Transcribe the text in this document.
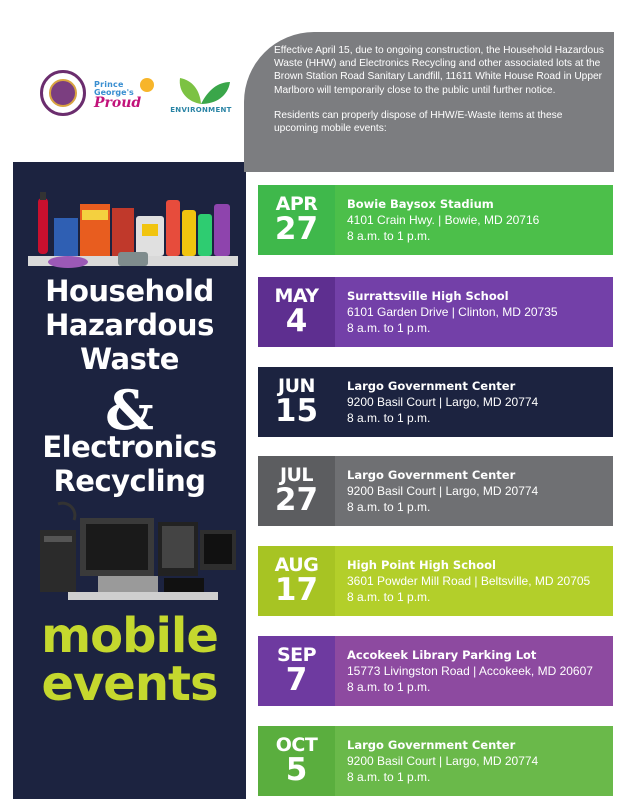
Prince
George's
Proud	ENVIRONMENT

Effective April 15, due to ongoing construction, the Household Hazardous Waste (HHW) and Electronics Recycling and other associated lots at the Brown Station Road Sanitary Landfill, 11611 White House Road in Upper Marlboro will temporarily close to the public until further notice.

Residents can properly dispose of HHW/E-Waste items at these upcoming mobile events:

Household
Hazardous
Waste
&
Electronics
Recycling
mobile
events
APR
27
Bowie Baysox Stadium
4101 Crain Hwy. | Bowie, MD 20716
8 a.m. to 1 p.m.
MAY
4
Surrattsville High School
6101 Garden Drive | Clinton, MD 20735
8 a.m. to 1 p.m.
JUN
15
Largo Government Center
9200 Basil Court | Largo, MD 20774
8 a.m. to 1 p.m.
JUL
27
Largo Government Center
9200 Basil Court | Largo, MD 20774
8 a.m. to 1 p.m.
AUG
17
High Point High School
3601 Powder Mill Road | Beltsville, MD 20705
8 a.m. to 1 p.m.
SEP
7
Accokeek Library Parking Lot
15773 Livingston Road | Accokeek, MD 20607
8 a.m. to 1 p.m.
OCT
5
Largo Government Center
9200 Basil Court | Largo, MD 20774
8 a.m. to 1 p.m.
